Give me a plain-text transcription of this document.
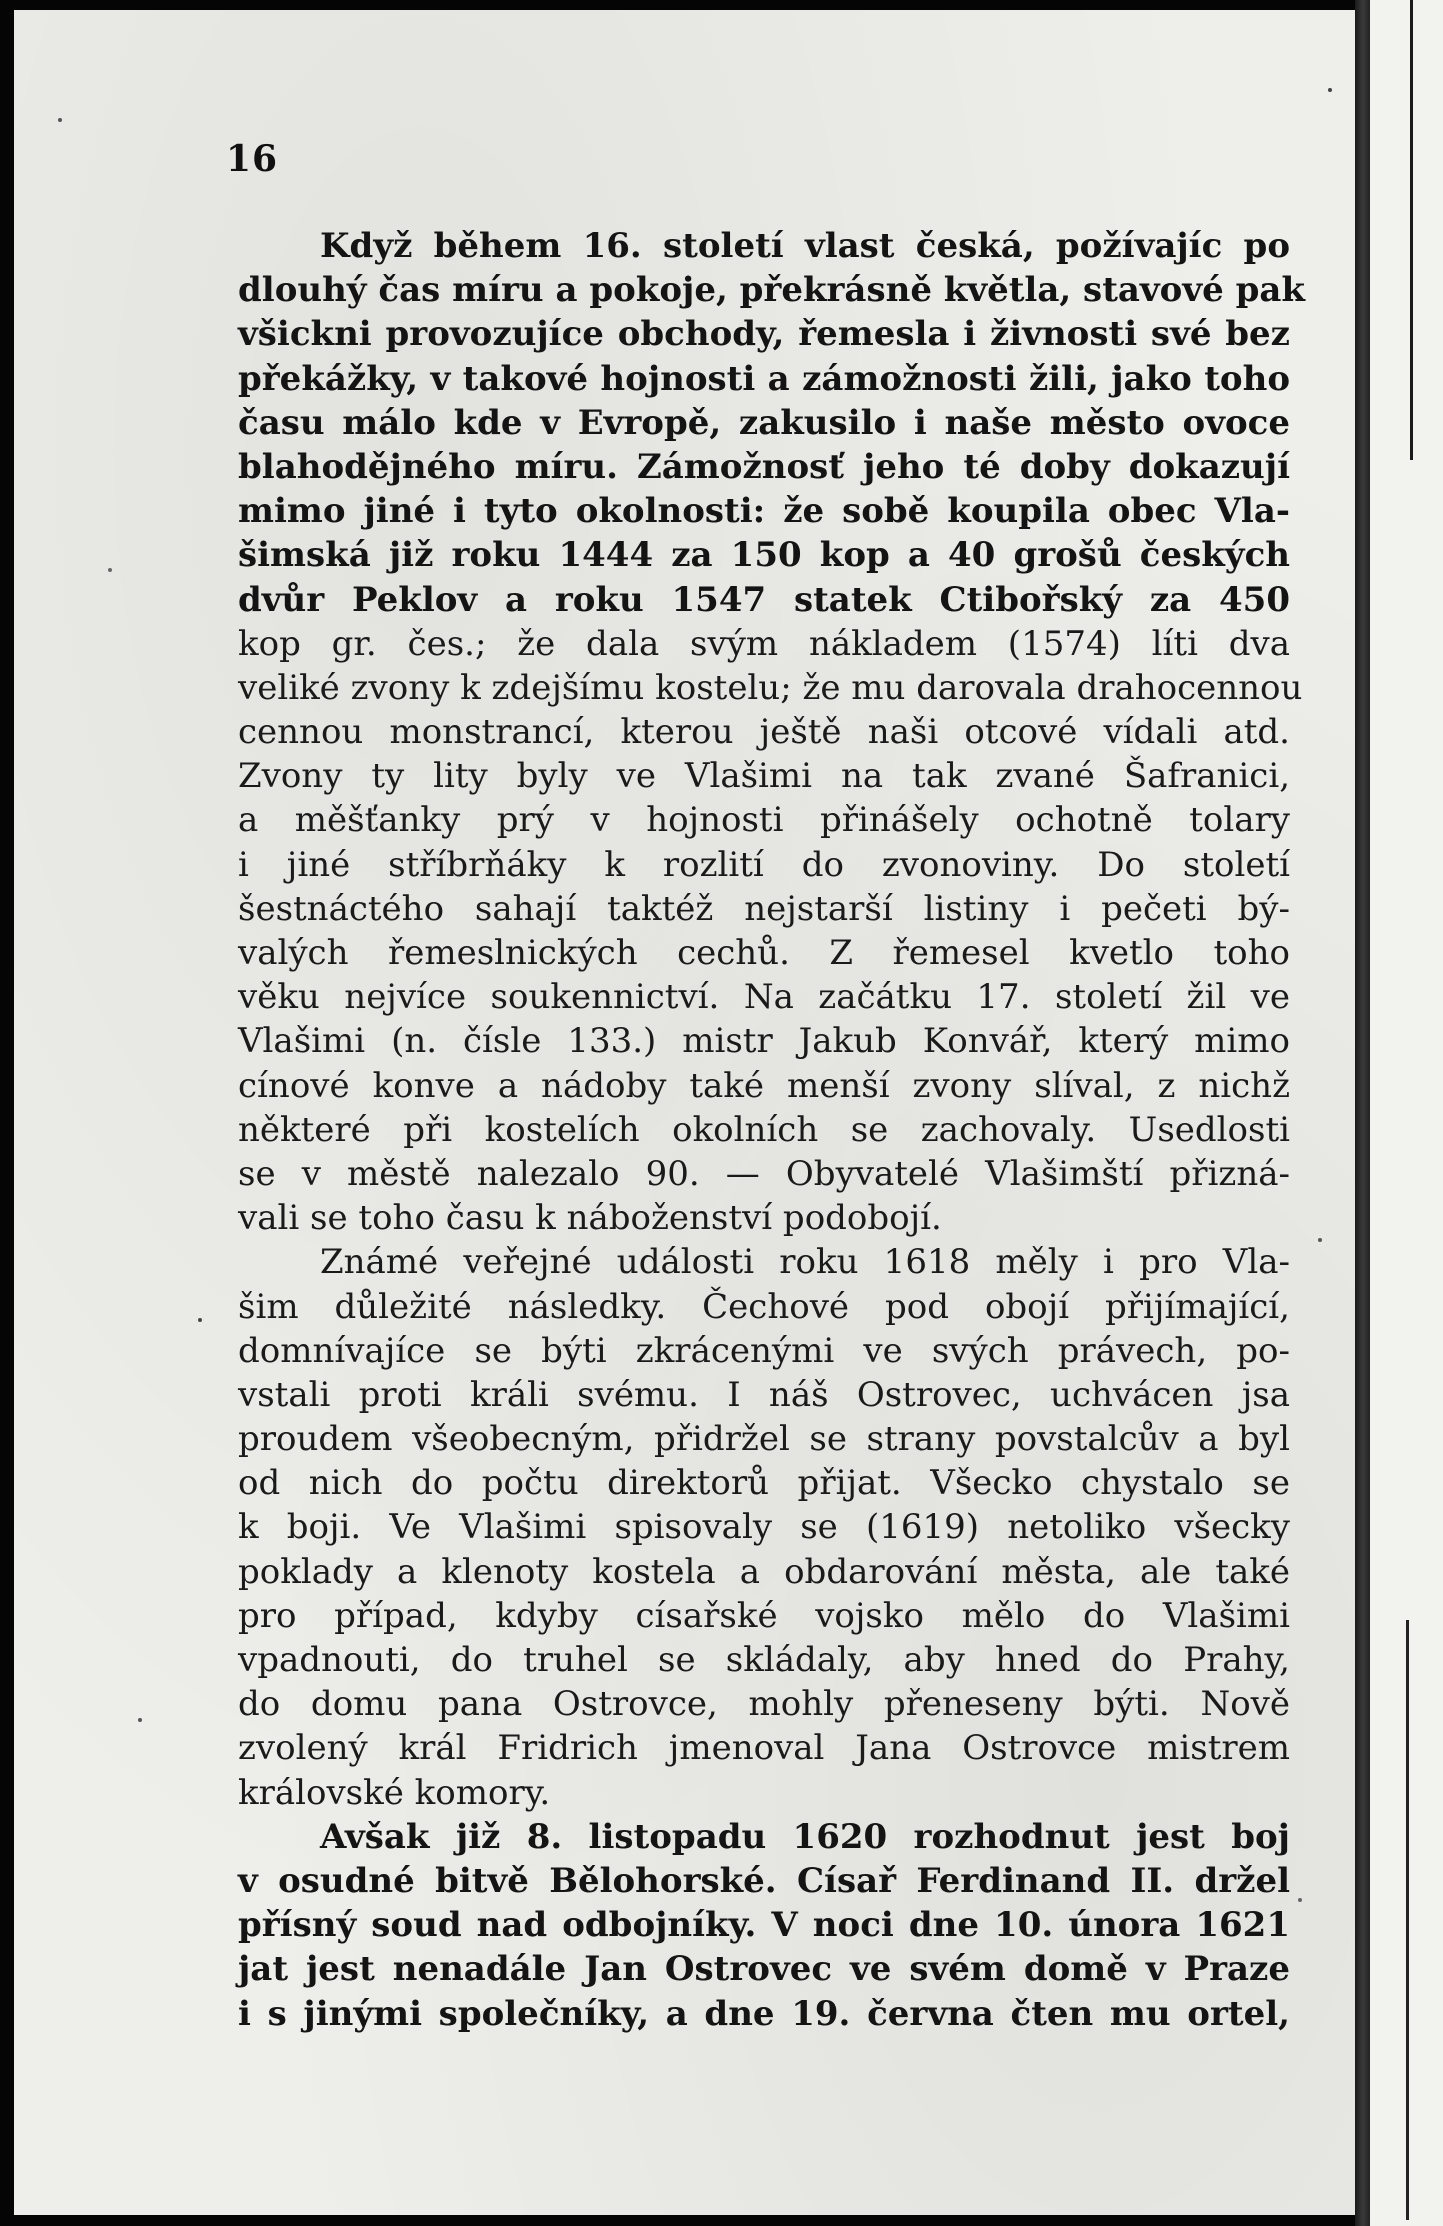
16
Když během 16. století vlast česká, požívajíc po
dlouhý čas míru a pokoje, překrásně květla, stavové pak
všickni provozujíce obchody, řemesla i živnosti své bez
překážky, v takové hojnosti a zámožnosti žili, jako toho
času málo kde v Evropě, zakusilo i naše město ovoce
blahodějného míru. Zámožnosť jeho té doby dokazují
mimo jiné i tyto okolnosti: že sobě koupila obec Vla-
šimská již roku 1444 za 150 kop a 40 grošů českých
dvůr Peklov a roku 1547 statek Ctibořský za 450
kop gr. čes.; že dala svým nákladem (1574) líti dva
veliké zvony k zdejšímu kostelu; že mu darovala drahocennou
cennou monstrancí, kterou ještě naši otcové vídali atd.
Zvony ty lity byly ve Vlašimi na tak zvané Šafranici,
a měšťanky prý v hojnosti přinášely ochotně tolary
i jiné stříbrňáky k rozlití do zvonoviny. Do století
šestnáctého sahají taktéž nejstarší listiny i pečeti bý-
valých řemeslnických cechů. Z řemesel kvetlo toho
věku nejvíce soukennictví. Na začátku 17. století žil ve
Vlašimi (n. čísle 133.) mistr Jakub Konvář, který mimo
cínové konve a nádoby také menší zvony slíval, z nichž
některé při kostelích okolních se zachovaly. Usedlosti
se v městě nalezalo 90. — Obyvatelé Vlašimští přizná-
vali se toho času k náboženství podobojí.
Známé veřejné události roku 1618 měly i pro Vla-
šim důležité následky. Čechové pod obojí přijímající,
domnívajíce se býti zkrácenými ve svých právech, po-
vstali proti králi svému. I náš Ostrovec, uchvácen jsa
proudem všeobecným, přidržel se strany povstalcův a byl
od nich do počtu direktorů přijat. Všecko chystalo se
k boji. Ve Vlašimi spisovaly se (1619) netoliko všecky
poklady a klenoty kostela a obdarování města, ale také
pro případ, kdyby císařské vojsko mělo do Vlašimi
vpadnouti, do truhel se skládaly, aby hned do Prahy,
do domu pana Ostrovce, mohly přeneseny býti. Nově
zvolený král Fridrich jmenoval Jana Ostrovce mistrem
královské komory.
Avšak již 8. listopadu 1620 rozhodnut jest boj
v osudné bitvě Bělohorské. Císař Ferdinand II. držel
přísný soud nad odbojníky. V noci dne 10. února 1621
jat jest nenadále Jan Ostrovec ve svém domě v Praze
i s jinými společníky, a dne 19. června čten mu ortel,
